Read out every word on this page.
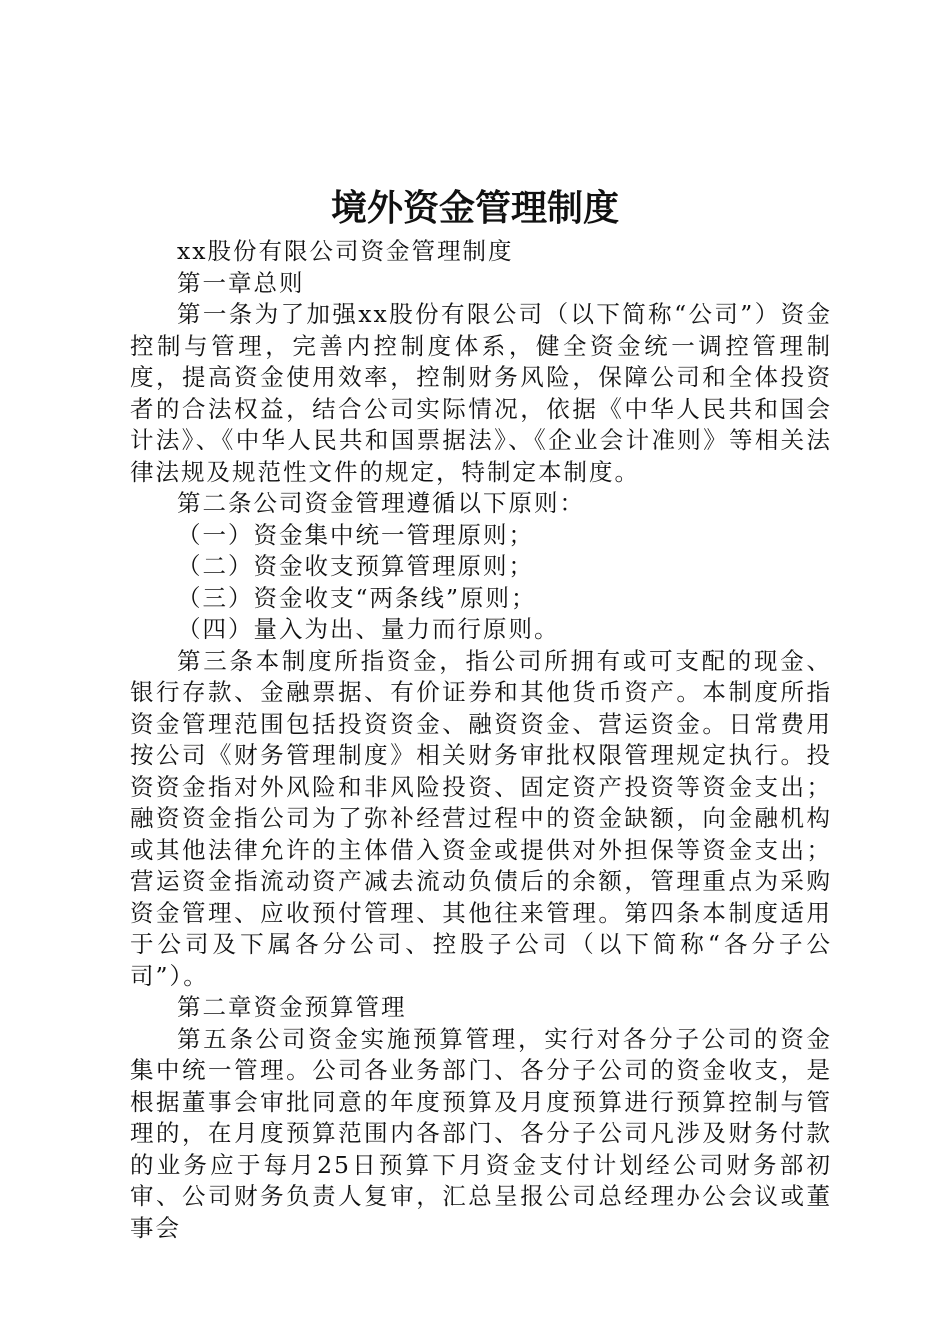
境外资金管理制度

xx股份有限公司资金管理制度

第一章总则

第一条为了加强xx股份有限公司（以下简称“公司”）资金控制与管理，完善内控制度体系，健全资金统一调控管理制度，提高资金使用效率，控制财务风险，保障公司和全体投资者的合法权益，结合公司实际情况，依据《中华人民共和国会计法》、《中华人民共和国票据法》、《企业会计准则》等相关法律法规及规范性文件的规定，特制定本制度。

第二条公司资金管理遵循以下原则：

（一）资金集中统一管理原则；

（二）资金收支预算管理原则；

（三）资金收支“两条线”原则；

（四）量入为出、量力而行原则。

第三条本制度所指资金，指公司所拥有或可支配的现金、银行存款、金融票据、有价证券和其他货币资产。本制度所指资金管理范围包括投资资金、融资资金、营运资金。日常费用按公司《财务管理制度》相关财务审批权限管理规定执行。投资资金指对外风险和非风险投资、固定资产投资等资金支出；融资资金指公司为了弥补经营过程中的资金缺额，向金融机构或其他法律允许的主体借入资金或提供对外担保等资金支出；营运资金指流动资产减去流动负债后的余额，管理重点为采购资金管理、应收预付管理、其他往来管理。第四条本制度适用于公司及下属各分公司、控股子公司（以下简称“各分子公司”）。

第二章资金预算管理

第五条公司资金实施预算管理，实行对各分子公司的资金集中统一管理。公司各业务部门、各分子公司的资金收支，是根据董事会审批同意的年度预算及月度预算进行预算控制与管理的，在月度预算范围内各部门、各分子公司凡涉及财务付款的业务应于每月25日预算下月资金支付计划经公司财务部初审、公司财务负责人复审，汇总呈报公司总经理办公会议或董事会
